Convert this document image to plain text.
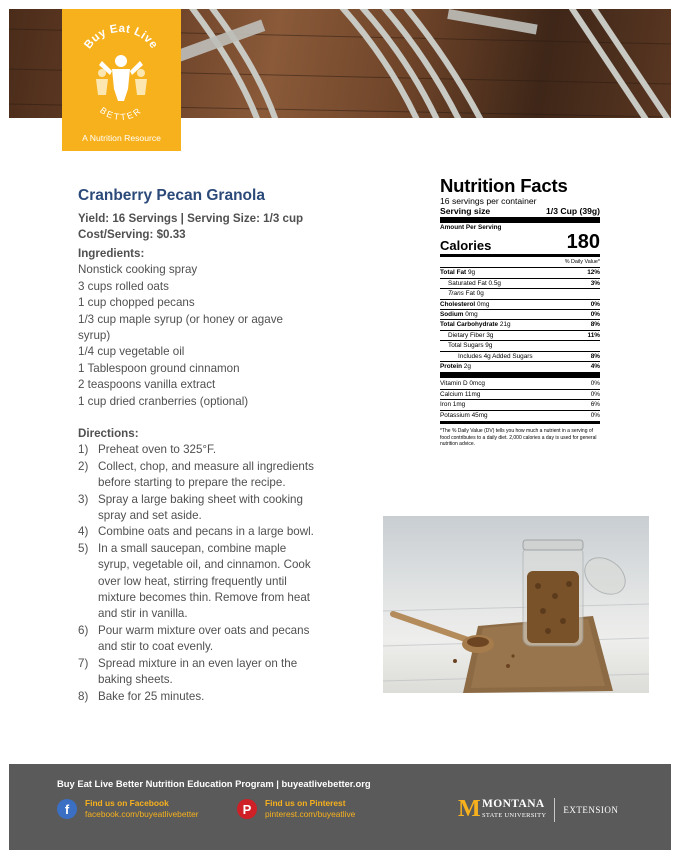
Buy Eat Live
BETTER
A Nutrition Resource
Cranberry Pecan Granola
Yield: 16 Servings | Serving Size: 1/3 cup
Cost/Serving: $0.33
Ingredients:
Nonstick cooking spray
3 cups rolled oats
1 cup chopped pecans
1/3 cup maple syrup (or honey or agave syrup)
1/4 cup vegetable oil
1 Tablespoon ground cinnamon
2 teaspoons vanilla extract
1 cup dried cranberries (optional)
Directions:
1) Preheat oven to 325°F.
2) Collect, chop, and measure all ingredients before starting to prepare the recipe.
3) Spray a large baking sheet with cooking spray and set aside.
4) Combine oats and pecans in a large bowl.
5) In a small saucepan, combine maple syrup, vegetable oil, and cinnamon. Cook over low heat, stirring frequently until mixture becomes thin. Remove from heat and stir in vanilla.
6) Pour warm mixture over oats and pecans and stir to coat evenly.
7) Spread mixture in an even layer on the baking sheets.
8) Bake for 25 minutes.
Nutrition Facts
16 servings per container
Serving size	1/3 Cup (39g)
Amount Per Serving
Calories	180
% Daily Value*
Total Fat 9g	12%
Saturated Fat 0.5g	3%
Trans Fat 0g
Cholesterol 0mg	0%
Sodium 0mg	0%
Total Carbohydrate 21g	8%
Dietary Fiber 3g	11%
Total Sugars 9g
Includes 4g Added Sugars	8%
Protein 2g	4%
Vitamin D 0mcg	0%
Calcium 11mg	0%
Iron 1mg	6%
Potassium 45mg	0%
*The % Daily Value (DV) tells you how much a nutrient in a serving of food contributes to a daily diet. 2,000 calories a day is used for general nutrition advice.
Buy Eat Live Better Nutrition Education Program | buyeatlivebetter.org
f	Find us on Facebook
facebook.com/buyeatlivebetter	P	Find us on Pinterest
pinterest.com/buyeatlive	M MONTANA
STATE UNIVERSITY
EXTENSION
